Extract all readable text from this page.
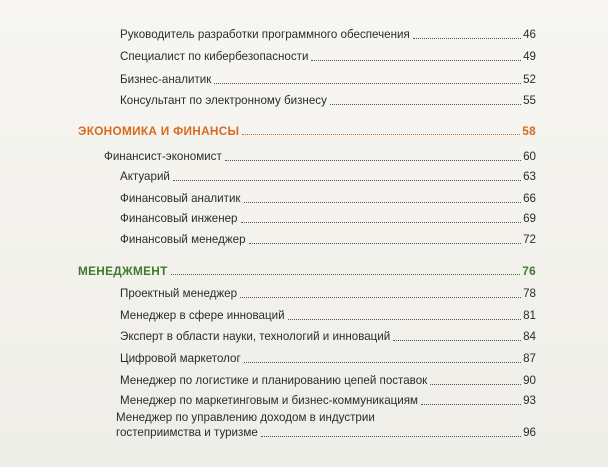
Руководитель разработки программного обеспечения	46
Специалист по кибербезопасности	49
Бизнес-аналитик	52
Консультант по электронному бизнесу	55
ЭКОНОМИКА И ФИНАНСЫ	58
Финансист-экономист	60
Актуарий	63
Финансовый аналитик	66
Финансовый инженер	69
Финансовый менеджер	72
МЕНЕДЖМЕНТ	76
Проектный менеджер	78
Менеджер в сфере инноваций	81
Эксперт в области науки, технологий и инноваций	84
Цифровой маркетолог	87
Менеджер по логистике и планированию цепей поставок	90
Менеджер по маркетинговым и бизнес-коммуникациям	93
Менеджер по управлению доходом в индустрии
гостеприимства и туризме	96
